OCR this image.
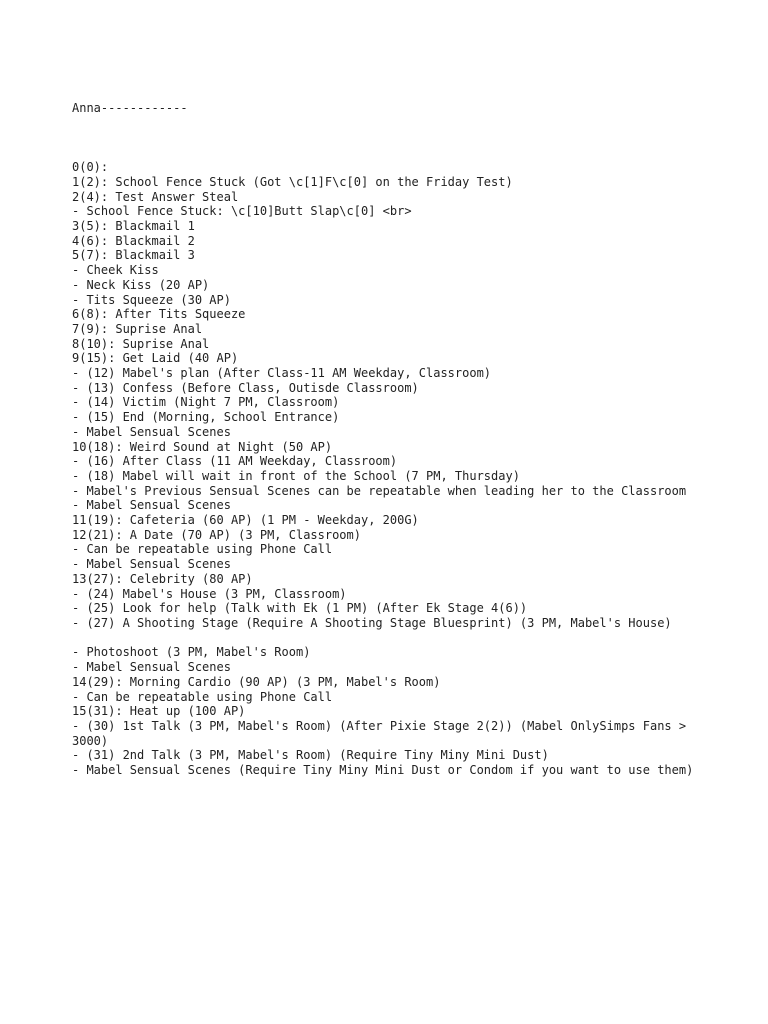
Anna------------

0(0):
1(2): School Fence Stuck (Got \c[1]F\c[0] on the Friday Test)
2(4): Test Answer Steal
- School Fence Stuck: \c[10]Butt Slap\c[0] <br>
3(5): Blackmail 1
4(6): Blackmail 2
5(7): Blackmail 3
- Cheek Kiss
- Neck Kiss (20 AP)
- Tits Squeeze (30 AP)
6(8): After Tits Squeeze
7(9): Suprise Anal
8(10): Suprise Anal
9(15): Get Laid (40 AP)
- (12) Mabel's plan (After Class-11 AM Weekday, Classroom)
- (13) Confess (Before Class, Outisde Classroom)
- (14) Victim (Night 7 PM, Classroom)
- (15) End (Morning, School Entrance)
- Mabel Sensual Scenes
10(18): Weird Sound at Night (50 AP)
- (16) After Class (11 AM Weekday, Classroom)
- (18) Mabel will wait in front of the School (7 PM, Thursday)
- Mabel's Previous Sensual Scenes can be repeatable when leading her to the Classroom
- Mabel Sensual Scenes
11(19): Cafeteria (60 AP) (1 PM - Weekday, 200G)
12(21): A Date (70 AP) (3 PM, Classroom)
- Can be repeatable using Phone Call
- Mabel Sensual Scenes
13(27): Celebrity (80 AP)
- (24) Mabel's House (3 PM, Classroom)
- (25) Look for help (Talk with Ek (1 PM) (After Ek Stage 4(6))
- (27) A Shooting Stage (Require A Shooting Stage Bluesprint) (3 PM, Mabel's House)
- Photoshoot (3 PM, Mabel's Room)
- Mabel Sensual Scenes
14(29): Morning Cardio (90 AP) (3 PM, Mabel's Room)
- Can be repeatable using Phone Call
15(31): Heat up (100 AP)
- (30) 1st Talk (3 PM, Mabel's Room) (After Pixie Stage 2(2)) (Mabel OnlySimps Fans > 3000)
- (31) 2nd Talk (3 PM, Mabel's Room) (Require Tiny Miny Mini Dust)
- Mabel Sensual Scenes (Require Tiny Miny Mini Dust or Condom if you want to use them)
